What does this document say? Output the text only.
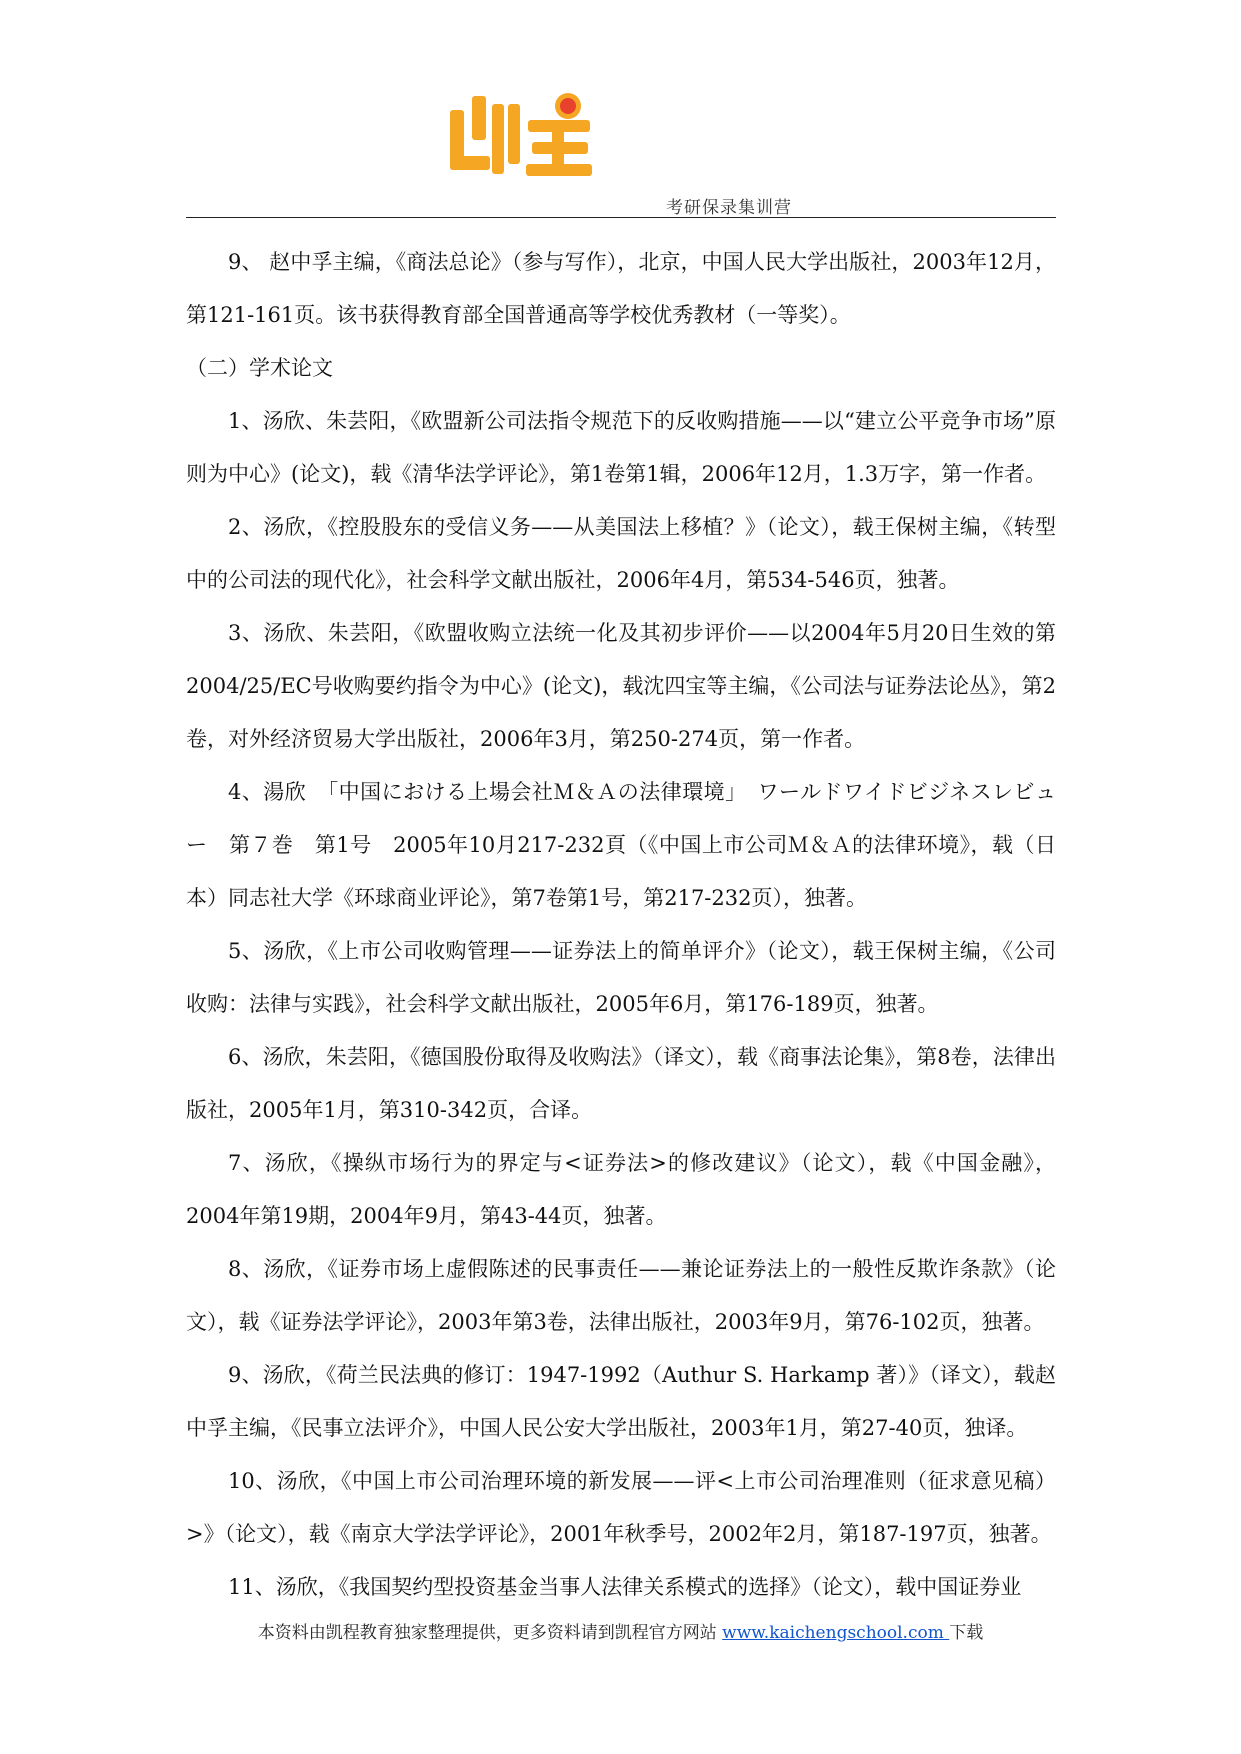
考研保录集训营

9、 赵中孚主编，《商法总论》（参与写作），北京，中国人民大学出版社，2003年12月，第121-161页。该书获得教育部全国普通高等学校优秀教材（一等奖）。

（二）学术论文

1、汤欣、朱芸阳，《欧盟新公司法指令规范下的反收购措施——以“建立公平竞争市场”原则为中心》(论文)，载《清华法学评论》，第1卷第1辑，2006年12月，1.3万字，第一作者。

2、汤欣，《控股股东的受信义务——从美国法上移植？》（论文），载王保树主编，《转型中的公司法的现代化》，社会科学文献出版社，2006年4月，第534-546页，独著。

3、汤欣、朱芸阳，《欧盟收购立法统一化及其初步评价——以2004年5月20日生效的第2004/25/EC号收购要约指令为中心》(论文)，载沈四宝等主编，《公司法与证券法论丛》，第2卷，对外经济贸易大学出版社，2006年3月，第250-274页，第一作者。

4、湯欣　「中国における上場会社Ｍ＆Ａの法律環境」　ワールドワイドビジネスレビュー　第７巻　第1号　2005年10月217-232頁（《中国上市公司Ｍ＆Ａ的法律环境》，载（日本）同志社大学《环球商业评论》，第7卷第1号，第217-232页），独著。

5、汤欣，《上市公司收购管理——证券法上的简单评介》（论文），载王保树主编，《公司收购：法律与实践》，社会科学文献出版社，2005年6月，第176-189页，独著。

6、汤欣，朱芸阳，《德国股份取得及收购法》（译文），载《商事法论集》，第8卷，法律出版社，2005年1月，第310-342页，合译。

7、汤欣，《操纵市场行为的界定与<证券法>的修改建议》（论文），载《中国金融》，2004年第19期，2004年9月，第43-44页，独著。

8、汤欣，《证券市场上虚假陈述的民事责任——兼论证券法上的一般性反欺诈条款》（论文），载《证券法学评论》，2003年第3卷，法律出版社，2003年9月，第76-102页，独著。

9、汤欣，《荷兰民法典的修订：1947-1992（Authur S. Harkamp 著）》（译文），载赵中孚主编，《民事立法评介》，中国人民公安大学出版社，2003年1月，第27-40页，独译。

10、汤欣，《中国上市公司治理环境的新发展——评<上市公司治理准则（征求意见稿）>》（论文），载《南京大学法学评论》，2001年秋季号，2002年2月，第187-197页，独著。

11、汤欣，《我国契约型投资基金当事人法律关系模式的选择》（论文），载中国证券业

本资料由凯程教育独家整理提供，更多资料请到凯程官方网站 www.kaichengschool.com 下载
